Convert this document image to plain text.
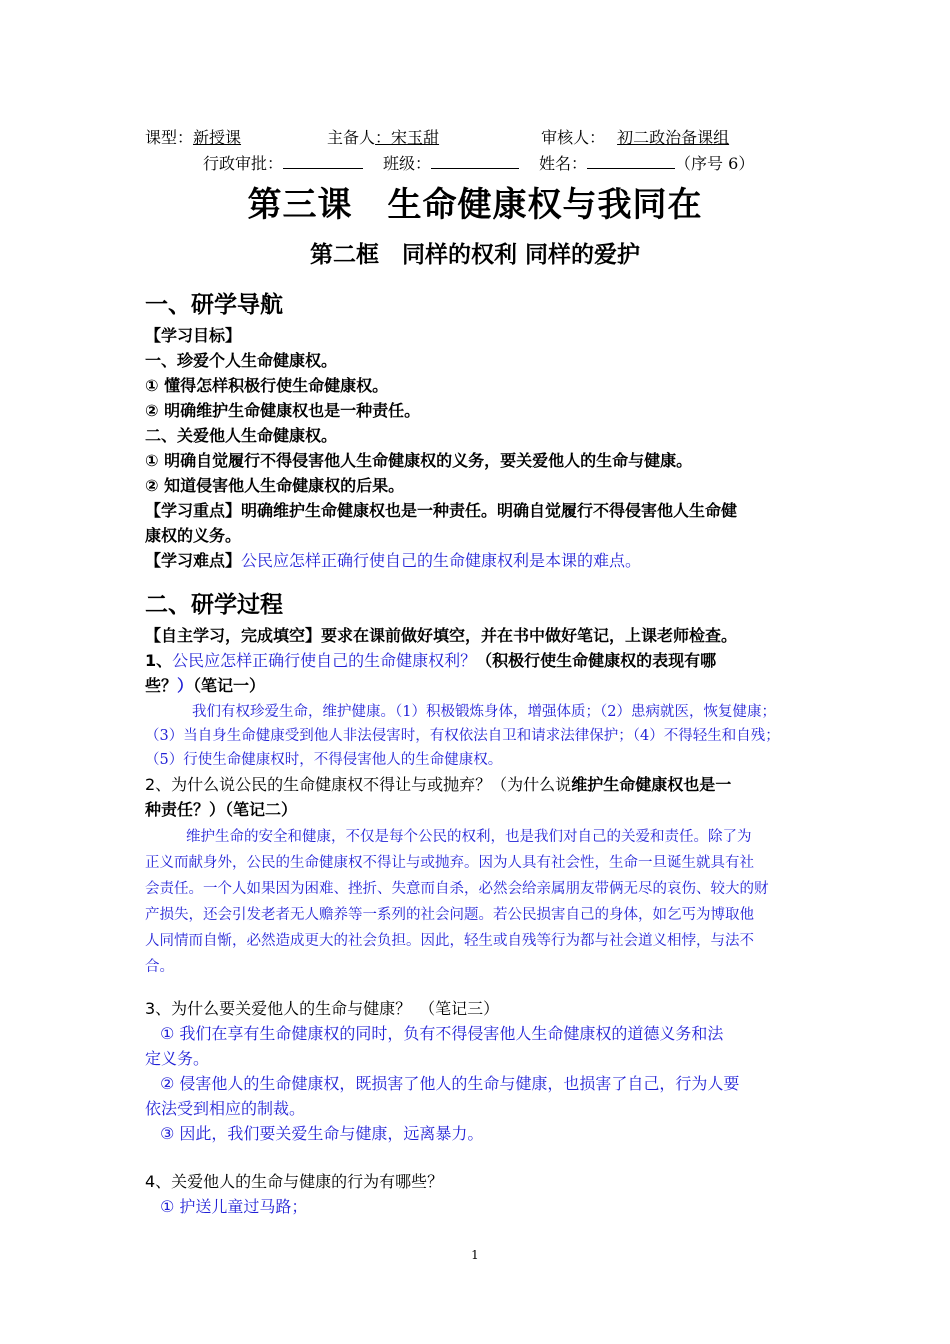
课型：新授课	主备人：宋玉甜	审核人： 初二政治备课组
行政审批：	班级：	姓名：	（序号 6）
第三课　生命健康权与我同在
第二框　同样的权利 同样的爱护
一、研学导航
【学习目标】
一、珍爱个人生命健康权。
① 懂得怎样积极行使生命健康权。
② 明确维护生命健康权也是一种责任。
二、关爱他人生命健康权。
① 明确自觉履行不得侵害他人生命健康权的义务，要关爱他人的生命与健康。
② 知道侵害他人生命健康权的后果。
【学习重点】明确维护生命健康权也是一种责任。明确自觉履行不得侵害他人生命健
康权的义务。
【学习难点】公民应怎样正确行使自己的生命健康权利是本课的难点。
二、研学过程
【自主学习，完成填空】要求在课前做好填空，并在书中做好笔记，上课老师检查。
1、公民应怎样正确行使自己的生命健康权利？（积极行使生命健康权的表现有哪
些？）（笔记一）
我们有权珍爱生命，维护健康。（1）积极锻炼身体，增强体质；（2）患病就医，恢复健康；
（3）当自身生命健康受到他人非法侵害时，有权依法自卫和请求法律保护；（4）不得轻生和自残；
（5）行使生命健康权时，不得侵害他人的生命健康权。
2、为什么说公民的生命健康权不得让与或抛弃？（为什么说维护生命健康权也是一
种责任？）（笔记二）
维护生命的安全和健康，不仅是每个公民的权利，也是我们对自己的关爱和责任。除了为
正义而献身外，公民的生命健康权不得让与或抛弃。因为人具有社会性，生命一旦诞生就具有社
会责任。一个人如果因为困难、挫折、失意而自杀，必然会给亲属朋友带俩无尽的哀伤、较大的财
产损失，还会引发老者无人赡养等一系列的社会问题。若公民损害自己的身体，如乞丐为博取他
人同情而自惭，必然造成更大的社会负担。因此，轻生或自残等行为都与社会道义相悖，与法不
合。
3、为什么要关爱他人的生命与健康？　（笔记三）
① 我们在享有生命健康权的同时，负有不得侵害他人生命健康权的道德义务和法
定义务。
② 侵害他人的生命健康权，既损害了他人的生命与健康，也损害了自己，行为人要
依法受到相应的制裁。
③ 因此，我们要关爱生命与健康，远离暴力。
4、关爱他人的生命与健康的行为有哪些？
① 护送儿童过马路；
1
